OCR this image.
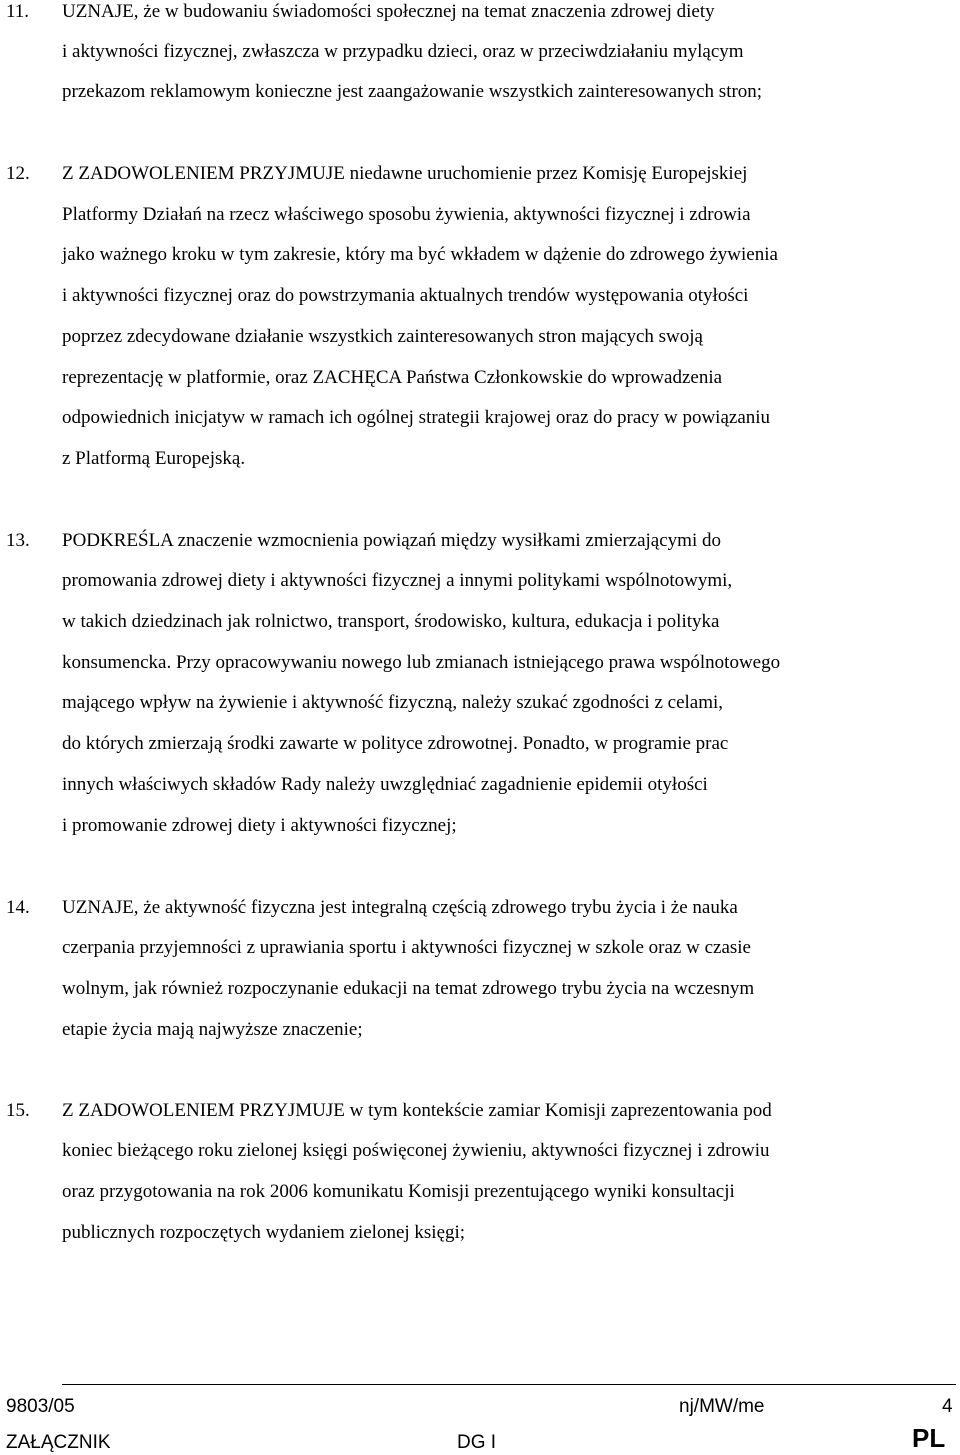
11. UZNAJE, że w budowaniu świadomości społecznej na temat znaczenia zdrowej diety
i aktywności fizycznej, zwłaszcza w przypadku dzieci, oraz w przeciwdziałaniu mylącym
przekazom reklamowym konieczne jest zaangażowanie wszystkich zainteresowanych stron;
12. Z ZADOWOLENIEM PRZYJMUJE niedawne uruchomienie przez Komisję Europejskiej
Platformy Działań na rzecz właściwego sposobu żywienia, aktywności fizycznej i zdrowia
jako ważnego kroku w tym zakresie, który ma być wkładem w dążenie do zdrowego żywienia
i aktywności fizycznej oraz do powstrzymania aktualnych trendów występowania otyłości
poprzez zdecydowane działanie wszystkich zainteresowanych stron mających swoją
reprezentację w platformie, oraz ZACHĘCA Państwa Członkowskie do wprowadzenia
odpowiednich inicjatyw w ramach ich ogólnej strategii krajowej oraz do pracy w powiązaniu
z Platformą Europejską.
13. PODKREŚLA znaczenie wzmocnienia powiązań między wysiłkami zmierzającymi do
promowania zdrowej diety i aktywności fizycznej a innymi politykami wspólnotowymi,
w takich dziedzinach jak rolnictwo, transport, środowisko, kultura, edukacja i polityka
konsumencka. Przy opracowywaniu nowego lub zmianach istniejącego prawa wspólnotowego
mającego wpływ na żywienie i aktywność fizyczną, należy szukać zgodności z celami,
do których zmierzają środki zawarte w polityce zdrowotnej. Ponadto, w programie prac
innych właściwych składów Rady należy uwzględniać zagadnienie epidemii otyłości
i promowanie zdrowej diety i aktywności fizycznej;
14. UZNAJE, że aktywność fizyczna jest integralną częścią zdrowego trybu życia i że nauka
czerpania przyjemności z uprawiania sportu i aktywności fizycznej w szkole oraz w czasie
wolnym, jak również rozpoczynanie edukacji na temat zdrowego trybu życia na wczesnym
etapie życia mają najwyższe znaczenie;
15. Z ZADOWOLENIEM PRZYJMUJE w tym kontekście zamiar Komisji zaprezentowania pod
koniec bieżącego roku zielonej księgi poświęconej żywieniu, aktywności fizycznej i zdrowiu
oraz przygotowania na rok 2006 komunikatu Komisji prezentującego wyniki konsultacji
publicznych rozpoczętych wydaniem zielonej księgi;
9803/05	nj/MW/me	4
ZAŁĄCZNIK	DG I	PL
